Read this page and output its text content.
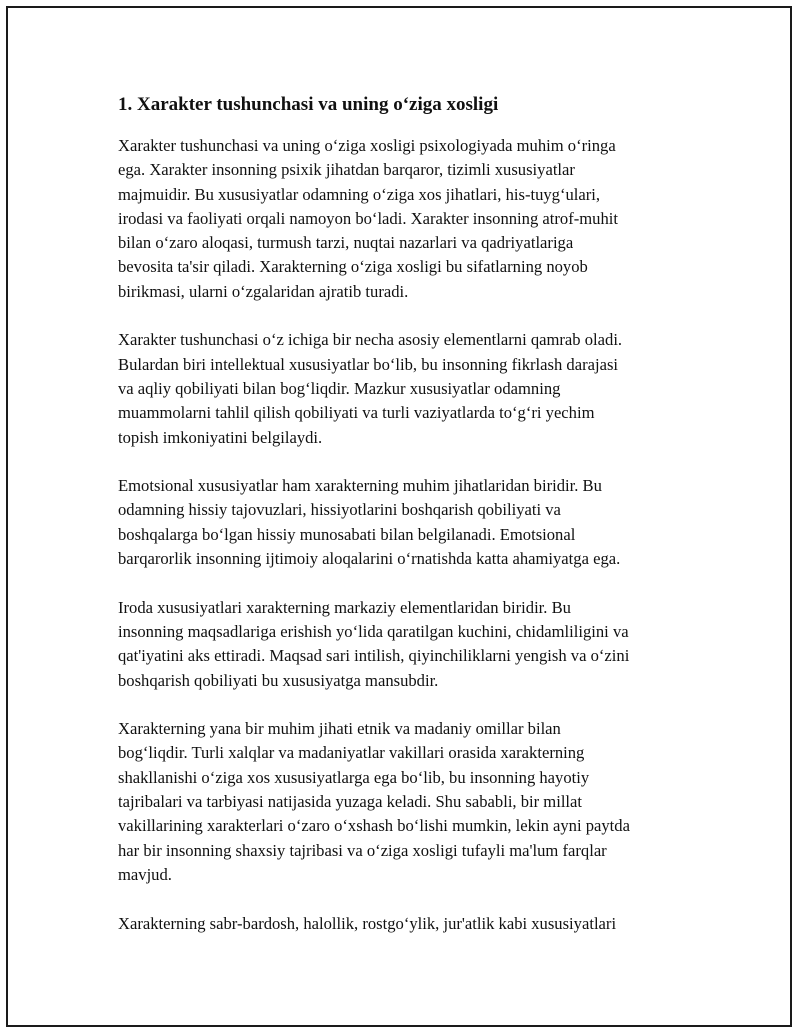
1. Xarakter tushunchasi va uning o‘ziga xosligi
Xarakter tushunchasi va uning o‘ziga xosligi psixologiyada muhim o‘ringa
ega. Xarakter insonning psixik jihatdan barqaror, tizimli xususiyatlar
majmuidir. Bu xususiyatlar odamning o‘ziga xos jihatlari, his-tuyg‘ulari,
irodasi va faoliyati orqali namoyon bo‘ladi. Xarakter insonning atrof-muhit
bilan o‘zaro aloqasi, turmush tarzi, nuqtai nazarlari va qadriyatlariga
bevosita ta'sir qiladi. Xarakterning o‘ziga xosligi bu sifatlarning noyob
birikmasi, ularni o‘zgalaridan ajratib turadi.
Xarakter tushunchasi o‘z ichiga bir necha asosiy elementlarni qamrab oladi.
Bulardan biri intellektual xususiyatlar bo‘lib, bu insonning fikrlash darajasi
va aqliy qobiliyati bilan bog‘liqdir. Mazkur xususiyatlar odamning
muammolarni tahlil qilish qobiliyati va turli vaziyatlarda to‘g‘ri yechim
topish imkoniyatini belgilaydi.
Emotsional xususiyatlar ham xarakterning muhim jihatlaridan biridir. Bu
odamning hissiy tajovuzlari, hissiyotlarini boshqarish qobiliyati va
boshqalarga bo‘lgan hissiy munosabati bilan belgilanadi. Emotsional
barqarorlik insonning ijtimoiy aloqalarini o‘rnatishda katta ahamiyatga ega.
Iroda xususiyatlari xarakterning markaziy elementlaridan biridir. Bu
insonning maqsadlariga erishish yo‘lida qaratilgan kuchini, chidamliligini va
qat'iyatini aks ettiradi. Maqsad sari intilish, qiyinchiliklarni yengish va o‘zini
boshqarish qobiliyati bu xususiyatga mansubdir.
Xarakterning yana bir muhim jihati etnik va madaniy omillar bilan
bog‘liqdir. Turli xalqlar va madaniyatlar vakillari orasida xarakterning
shakllanishi o‘ziga xos xususiyatlarga ega bo‘lib, bu insonning hayotiy
tajribalari va tarbiyasi natijasida yuzaga keladi. Shu sababli, bir millat
vakillarining xarakterlari o‘zaro o‘xshash bo‘lishi mumkin, lekin ayni paytda
har bir insonning shaxsiy tajribasi va o‘ziga xosligi tufayli ma'lum farqlar
mavjud.
Xarakterning sabr-bardosh, halollik, rostgo‘ylik, jur'atlik kabi xususiyatlari
